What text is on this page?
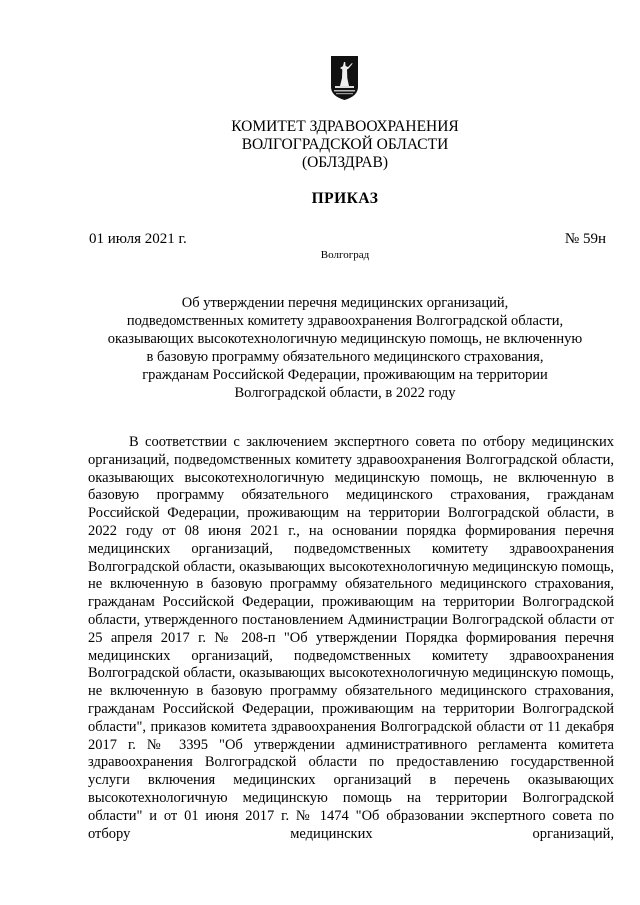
КОМИТЕТ ЗДРАВООХРАНЕНИЯ
ВОЛГОГРАДСКОЙ ОБЛАСТИ
(ОБЛЗДРАВ)
ПРИКАЗ
01 июля 2021 г.	№ 59н
Волгоград
Об утверждении перечня медицинских организаций,
подведомственных комитету здравоохранения Волгоградской области,
оказывающих высокотехнологичную медицинскую помощь, не включенную
в базовую программу обязательного медицинского страхования,
гражданам Российской Федерации, проживающим на территории
Волгоградской области, в 2022 году

В соответствии с заключением экспертного совета по отбору медицинских организаций, подведомственных комитету здравоохранения Волгоградской области, оказывающих высокотехнологичную медицинскую помощь, не включенную в базовую программу обязательного медицинского страхования, гражданам Российской Федерации, проживающим на территории Волгоградской области, в 2022 году от 08 июня 2021 г., на основании порядка формирования перечня медицинских организаций, подведомственных комитету здравоохранения Волгоградской области, оказывающих высокотехнологичную медицинскую помощь, не включенную в базовую программу обязательного медицинского страхования, гражданам Российской Федерации, проживающим на территории Волгоградской области, утвержденного постановлением Администрации Волгоградской области от 25 апреля 2017 г. № 208-п "Об утверждении Порядка формирования перечня медицинских организаций, подведомственных комитету здравоохранения Волгоградской области, оказывающих высокотехнологичную медицинскую помощь, не включенную в базовую программу обязательного медицинского страхования, гражданам Российской Федерации, проживающим на территории Волгоградской области", приказов комитета здравоохранения Волгоградской области от 11 декабря 2017 г. № 3395 "Об утверждении административного регламента комитета здравоохранения Волгоградской области по предоставлению государственной услуги включения медицинских организаций в перечень оказывающих высокотехнологичную медицинскую помощь на территории Волгоградской области" и от 01 июня 2017 г. № 1474 "Об образовании экспертного совета по отбору медицинских организаций,
